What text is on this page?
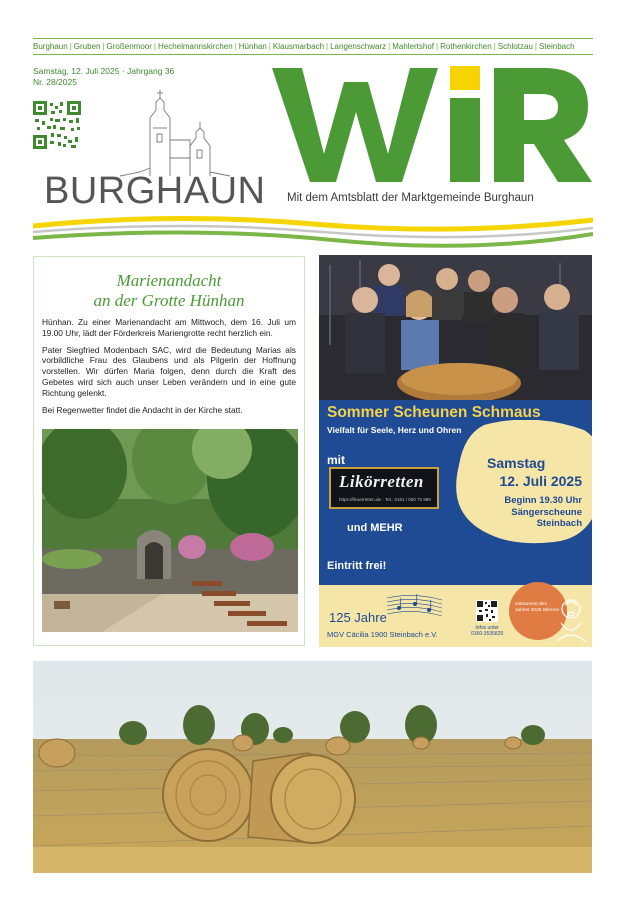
Burghaun | Gruben | Großenmoor | Hechelmannskirchen | Hünhan | Klausmarbach | Langenschwarz | Mahlertshof | Rothenkirchen | Schlotzau | Steinbach
Samstag, 12. Juli 2025 · Jahrgang 36
Nr. 28/2025
BURGHAUN Mit dem Amtsblatt der Marktgemeinde Burghaun
Marienandacht
an der Grotte Hünhan

Hünhan. Zu einer Marienandacht am Mittwoch, dem 16. Juli um 19.00 Uhr, lädt der Förderkreis Mariengrotte recht herzlich ein.

Pater Siegfried Modenbach SAC, wird die Bedeutung Marias als vorbildliche Frau des Glaubens und als Pilgerin der Hoffnung vorstellen. Wir dürfen Maria folgen, denn durch die Kraft des Gebetes wird sich auch unser Leben verändern und in eine gute Richtung gelenkt.

Bei Regenwetter findet die Andacht in der Kirche statt.	Sommer Scheunen Schmaus
Vielfalt für Seele, Herz und Ohren
mit
Likörretten
https://likoerretten.de · Tel.: 0151 / 000 72 999
und MEHR
Eintritt frei!
Samstag
12. Juli 2025
Beginn 19.30 Uhr
Sängerscheune
Steinbach
125 Jahre
MGV Cäcilia 1900 Steinbach e.V.
Infos unter
0160-3535820
Instrument des Jahres 2025 Stimme
